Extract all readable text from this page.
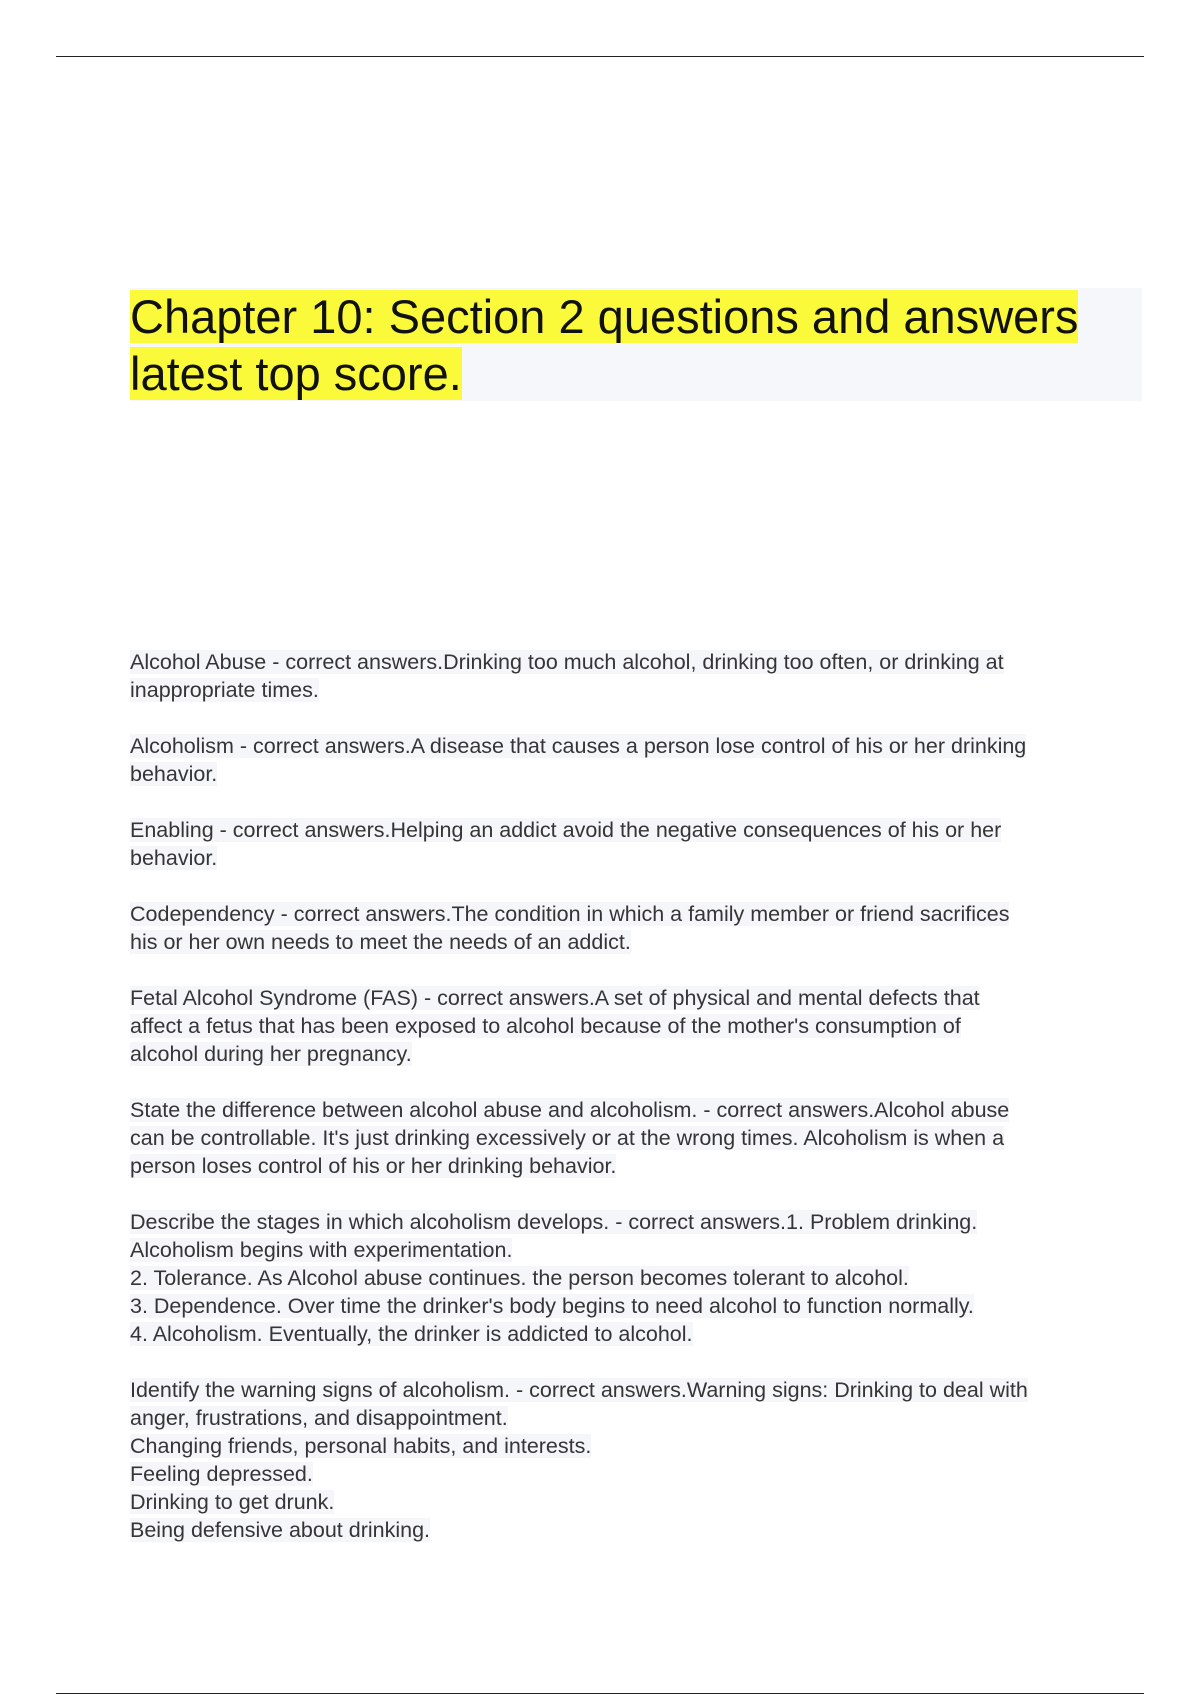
Chapter 10: Section 2 questions and answers
latest top score.

Alcohol Abuse - correct answers.Drinking too much alcohol, drinking too often, or drinking at
inappropriate times.

Alcoholism - correct answers.A disease that causes a person lose control of his or her drinking
behavior.

Enabling - correct answers.Helping an addict avoid the negative consequences of his or her
behavior.

Codependency - correct answers.The condition in which a family member or friend sacrifices
his or her own needs to meet the needs of an addict.

Fetal Alcohol Syndrome (FAS) - correct answers.A set of physical and mental defects that
affect a fetus that has been exposed to alcohol because of the mother's consumption of
alcohol during her pregnancy.

State the difference between alcohol abuse and alcoholism. - correct answers.Alcohol abuse
can be controllable. It's just drinking excessively or at the wrong times. Alcoholism is when a
person loses control of his or her drinking behavior.

Describe the stages in which alcoholism develops. - correct answers.1. Problem drinking.
Alcoholism begins with experimentation.
2. Tolerance. As Alcohol abuse continues. the person becomes tolerant to alcohol.
3. Dependence. Over time the drinker's body begins to need alcohol to function normally.
4. Alcoholism. Eventually, the drinker is addicted to alcohol.

Identify the warning signs of alcoholism. - correct answers.Warning signs: Drinking to deal with
anger, frustrations, and disappointment.
Changing friends, personal habits, and interests.
Feeling depressed.
Drinking to get drunk.
Being defensive about drinking.
